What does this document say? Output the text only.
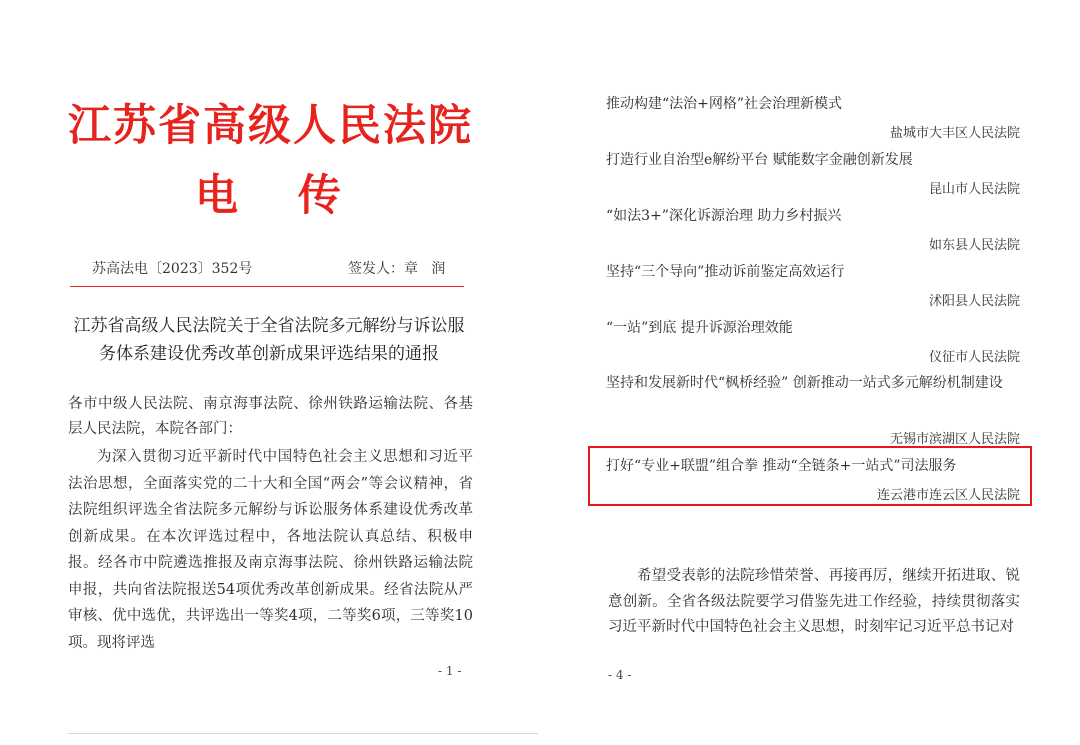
江苏省高级人民法院
电    传
苏高法电〔2023〕352号	签发人：章   润
江苏省高级人民法院关于全省法院多元解纷与诉讼服务体系建设优秀改革创新成果评选结果的通报
各市中级人民法院、南京海事法院、徐州铁路运输法院、各基层人民法院，本院各部门：
为深入贯彻习近平新时代中国特色社会主义思想和习近平法治思想，全面落实党的二十大和全国“两会”等会议精神，省法院组织评选全省法院多元解纷与诉讼服务体系建设优秀改革创新成果。在本次评选过程中，各地法院认真总结、积极申报。经各市中院遴选推报及南京海事法院、徐州铁路运输法院申报，共向省法院报送54项优秀改革创新成果。经省法院从严审核、优中选优，共评选出一等奖4项，二等奖6项，三等奖10项。现将评选
- 1 -
推动构建“法治+网格”社会治理新模式
盐城市大丰区人民法院
打造行业自治型e解纷平台 赋能数字金融创新发展
昆山市人民法院
“如法3+”深化诉源治理 助力乡村振兴
如东县人民法院
坚持“三个导向”推动诉前鉴定高效运行
沭阳县人民法院
“一站”到底 提升诉源治理效能
仪征市人民法院
坚持和发展新时代“枫桥经验” 创新推动一站式多元解纷机制建设
无锡市滨湖区人民法院
打好“专业+联盟”组合拳 推动“全链条+一站式”司法服务
连云港市连云区人民法院
希望受表彰的法院珍惜荣誉、再接再厉，继续开拓进取、锐意创新。全省各级法院要学习借鉴先进工作经验，持续贯彻落实习近平新时代中国特色社会主义思想，时刻牢记习近平总书记对
- 4 -
